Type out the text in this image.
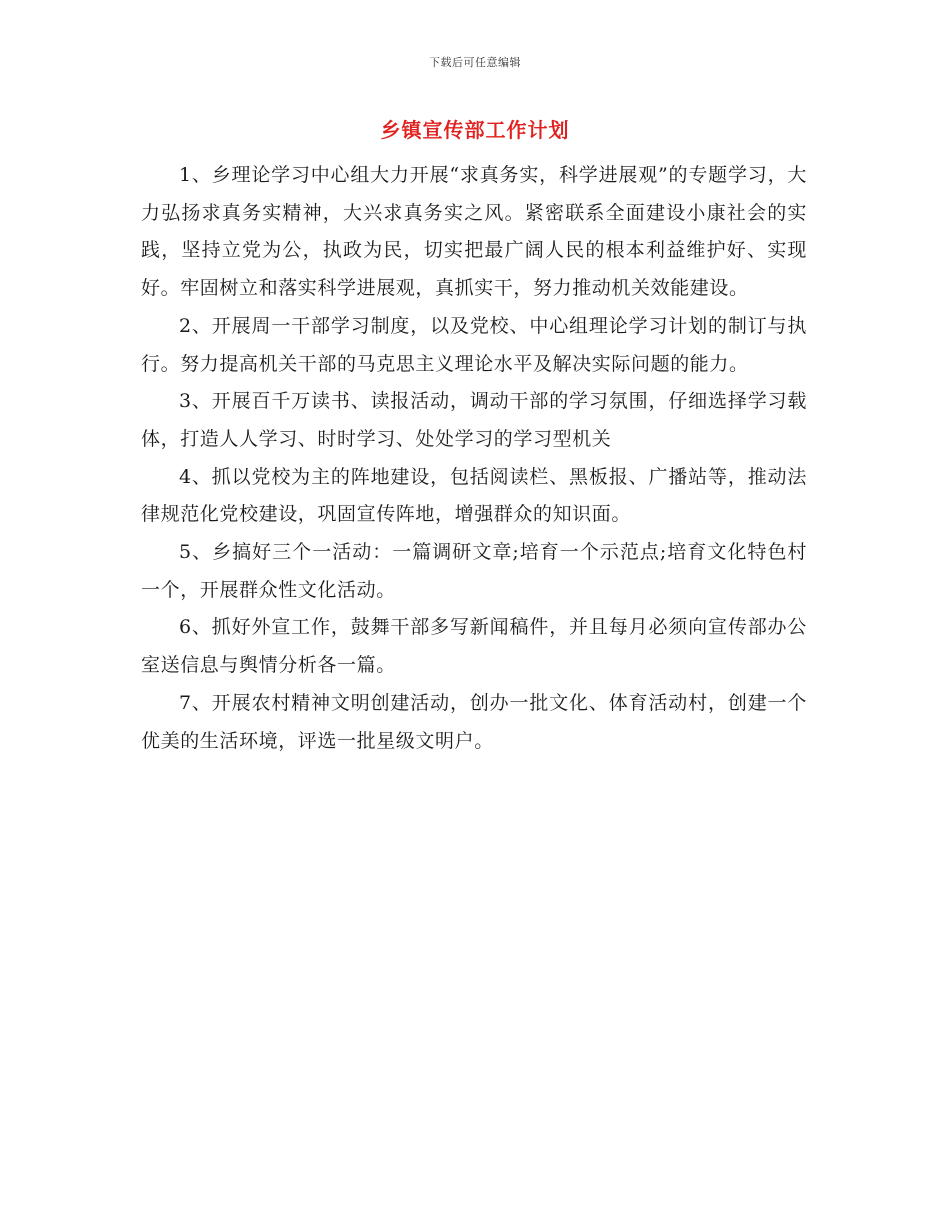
下载后可任意编辑
乡镇宣传部工作计划

1、乡理论学习中心组大力开展“求真务实，科学进展观”的专题学习，大力弘扬求真务实精神，大兴求真务实之风。紧密联系全面建设小康社会的实践，坚持立党为公，执政为民，切实把最广阔人民的根本利益维护好、实现好。牢固树立和落实科学进展观，真抓实干，努力推动机关效能建设。

2、开展周一干部学习制度，以及党校、中心组理论学习计划的制订与执行。努力提高机关干部的马克思主义理论水平及解决实际问题的能力。

3、开展百千万读书、读报活动，调动干部的学习氛围，仔细选择学习载体，打造人人学习、时时学习、处处学习的学习型机关

4、抓以党校为主的阵地建设，包括阅读栏、黑板报、广播站等，推动法律规范化党校建设，巩固宣传阵地，增强群众的知识面。

5、乡搞好三个一活动：一篇调研文章;培育一个示范点;培育文化特色村一个，开展群众性文化活动。

6、抓好外宣工作，鼓舞干部多写新闻稿件，并且每月必须向宣传部办公室送信息与舆情分析各一篇。

7、开展农村精神文明创建活动，创办一批文化、体育活动村，创建一个优美的生活环境，评选一批星级文明户。
